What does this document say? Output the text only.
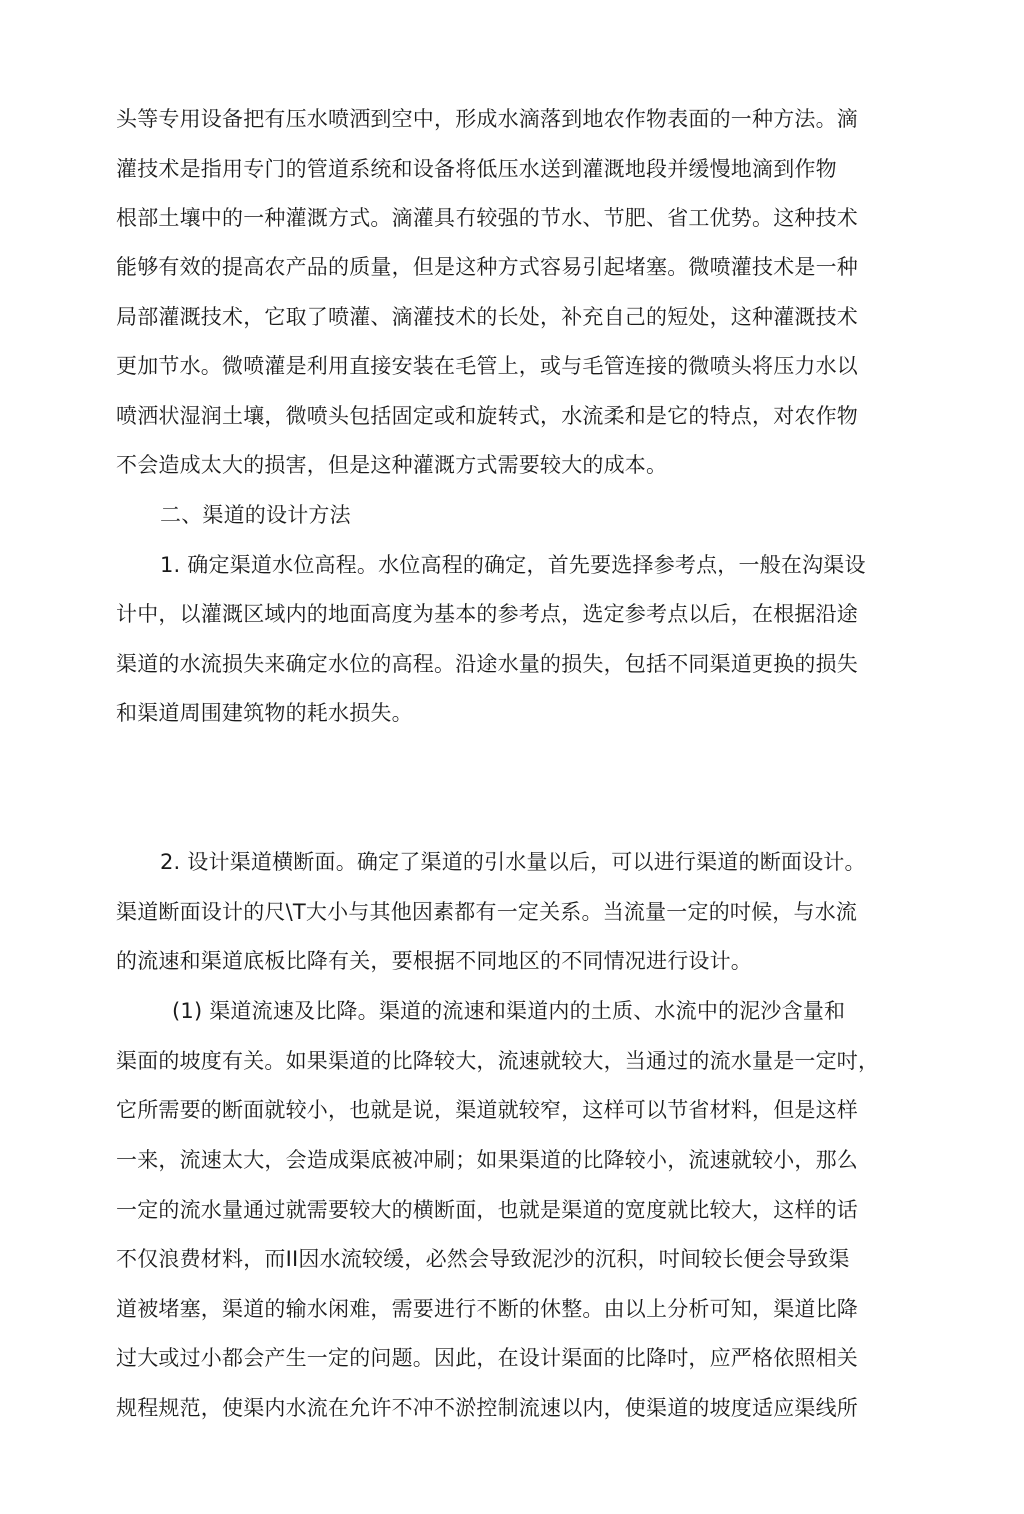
头等专用设备把有压水喷洒到空中，形成水滴落到地农作物表面的一种方法。滴

灌技术是指用专门的管道系统和设备将低压水送到灌溉地段并缓慢地滴到作物

根部土壤中的一种灌溉方式。滴灌具冇较强的节水、节肥、省工优势。这种技术

能够有效的提高农产品的质量，但是这种方式容易引起堵塞。微喷灌技术是一种

局部灌溉技术，它取了喷灌、滴灌技术的长处，补充自己的短处，这种灌溉技术

更加节水。微喷灌是利用直接安装在毛管上，或与毛管连接的微喷头将压力水以

喷洒状湿润土壤，微喷头包括固定或和旋转式，水流柔和是它的特点，对农作物

不会造成太大的损害，但是这种灌溉方式需要较大的成本。

二、渠道的设计方法

1. 确定渠道水位高程。水位高程的确定，首先要选择参考点，一般在沟渠设

计中，以灌溉区域内的地面高度为基本的参考点，选定参考点以后，在根据沿途

渠道的水流损失来确定水位的高程。沿途水量的损失，包括不同渠道更换的损失

和渠道周围建筑物的耗水损失。

2. 设计渠道横断面。确定了渠道的引水量以后，可以进行渠道的断面设计。

渠道断面设计的尺\T大小与其他因素都有一定关系。当流量一定的吋候，与水流

的流速和渠道底板比降有关，要根据不同地区的不同情况进行设计。

(1) 渠道流速及比降。渠道的流速和渠道内的土质、水流中的泥沙含量和

渠面的坡度有关。如果渠道的比降较大，流速就较大，当通过的流水量是一定吋，

它所需要的断面就较小，也就是说，渠道就较窄，这样可以节省材料，但是这样

一来，流速太大，会造成渠底被冲刷；如果渠道的比降较小，流速就较小，那么

一定的流水量通过就需要较大的横断面，也就是渠道的宽度就比较大，这样的话

不仅浪费材料，而II因水流较缓，必然会导致泥沙的沉积，吋间较长便会导致渠

道被堵塞，渠道的输水闲难，需要进行不断的休整。由以上分析可知，渠道比降

过大或过小都会产生一定的问题。因此，在设计渠面的比降吋，应严格依照相关

规程规范，使渠内水流在允许不冲不淤控制流速以内，使渠道的坡度适应渠线所
